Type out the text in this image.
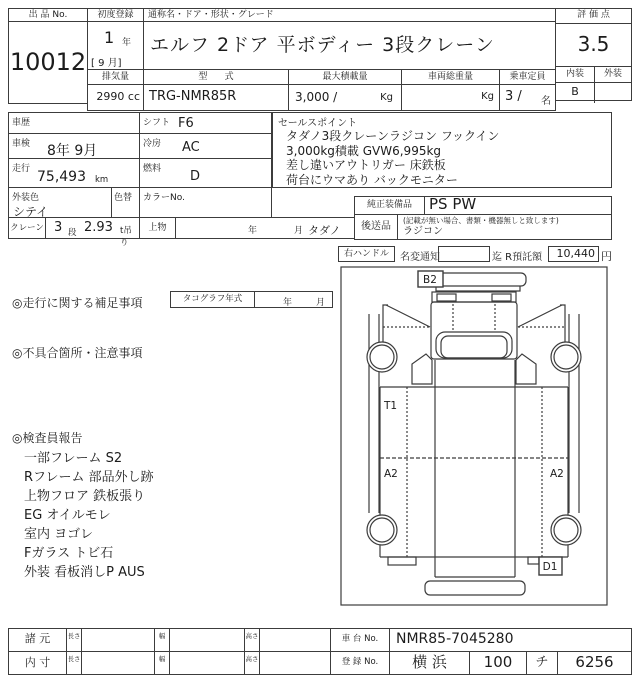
出 品 No.
10012
初度登録
1 年
[ 9 月]
通称名・ドア・形状・グレード
エルフ 2ドア 平ボディー 3段クレーン
排気量
2990 cc
型      式
TRG-NMR85R
最大積載量
3,000 /	Kg
車両総重量
Kg
乗車定員
3 / 名
評 価 点
3.5
内装	外装
B
車歴	シフト F6
車検 8年 9月	冷房 AC
走行 75,493 km
燃料 D
外装色
シテイ
色替 カラーNo.
クレーン 3 段 2.93 t吊り
上物	年	月 タダノ
セールスポイント
タダノ3段クレーンラジコン フックイン
3,000kg積載 GVW6,995kg
差し違いアウトリガー 床鉄板
荷台にウマあり バックモニター
純正装備品	PS PW
後送品
(記載が無い場合、書類・機器無しと致します)
ラジコン
右ハンドル	名変通知	迄 R預託額	10,440 円
◎走行に関する補足事項	タコグラフ年式	年	月
◎不具合箇所・注意事項
◎検査員報告
一部フレーム S2
Rフレーム 部品外し跡
上物フロア 鉄板張り
EG オイルモレ
室内 ヨゴレ
Fガラス トビ石
外装 看板消しP AUS
B2
T1
A2	A2
D1
諸 元	長さ	幅	高さ
内 寸	長さ	幅	高さ
車 台 No.	NMR85-7045280
登 録 No.	横 浜	100	チ	6256
